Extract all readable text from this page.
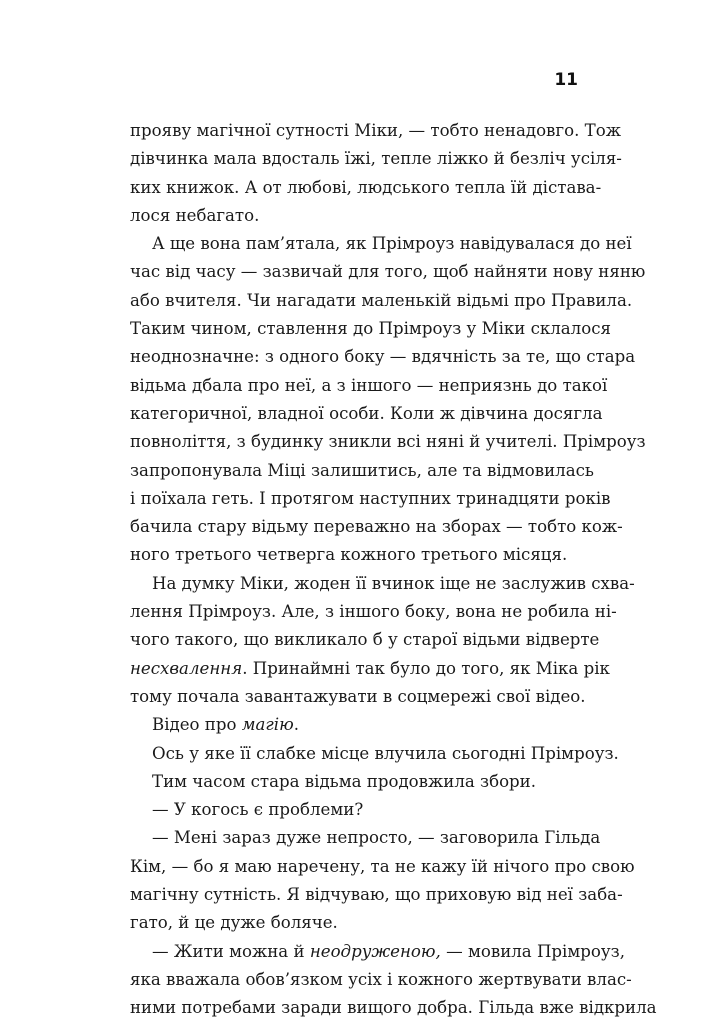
11
прояву магічної сутності Міки, — тобто ненадовго. Тож
дівчинка мала вдосталь їжі, тепле ліжко й безліч усіля-
ких книжок. А от любові, людського тепла їй дістава-
лося небагато.
А ще вона пам’ятала, як Прімроуз навідувалася до неї
час від часу — зазвичай для того, щоб найняти нову няню
або вчителя. Чи нагадати маленькій відьмі про Правила.
Таким чином, ставлення до Прімроуз у Міки склалося
неоднозначне: з одного боку — вдячність за те, що стара
відьма дбала про неї, а з іншого — неприязнь до такої
категоричної, владної особи. Коли ж дівчина досягла
повноліття, з будинку зникли всі няні й учителі. Прімроуз
запропонувала Міці залишитись, але та відмовилась
і поїхала геть. І протягом наступних тринадцяти років
бачила стару відьму переважно на зборах — тобто кож-
ного третього четверга кожного третього місяця.
На думку Міки, жоден її вчинок іще не заслужив схва-
лення Прімроуз. Але, з іншого боку, вона не робила ні-
чого такого, що викликало б у старої відьми відверте
несхвалення. Принаймні так було до того, як Міка рік
тому почала завантажувати в соцмережі свої відео.
Відео про магію.
Ось у яке її слабке місце влучила сьогодні Прімроуз.
Тим часом стара відьма продовжила збори.
— У когось є проблеми?
— Мені зараз дуже непросто, — заговорила Гільда
Кім, — бо я маю наречену, та не кажу їй нічого про свою
магічну сутність. Я відчуваю, що приховую від неї заба-
гато, й це дуже боляче.
— Жити можна й неодруженою, — мовила Прімроуз,
яка вважала обов’язком усіх і кожного жертвувати влас-
ними потребами заради вищого добра. Гільда вже відкрила
